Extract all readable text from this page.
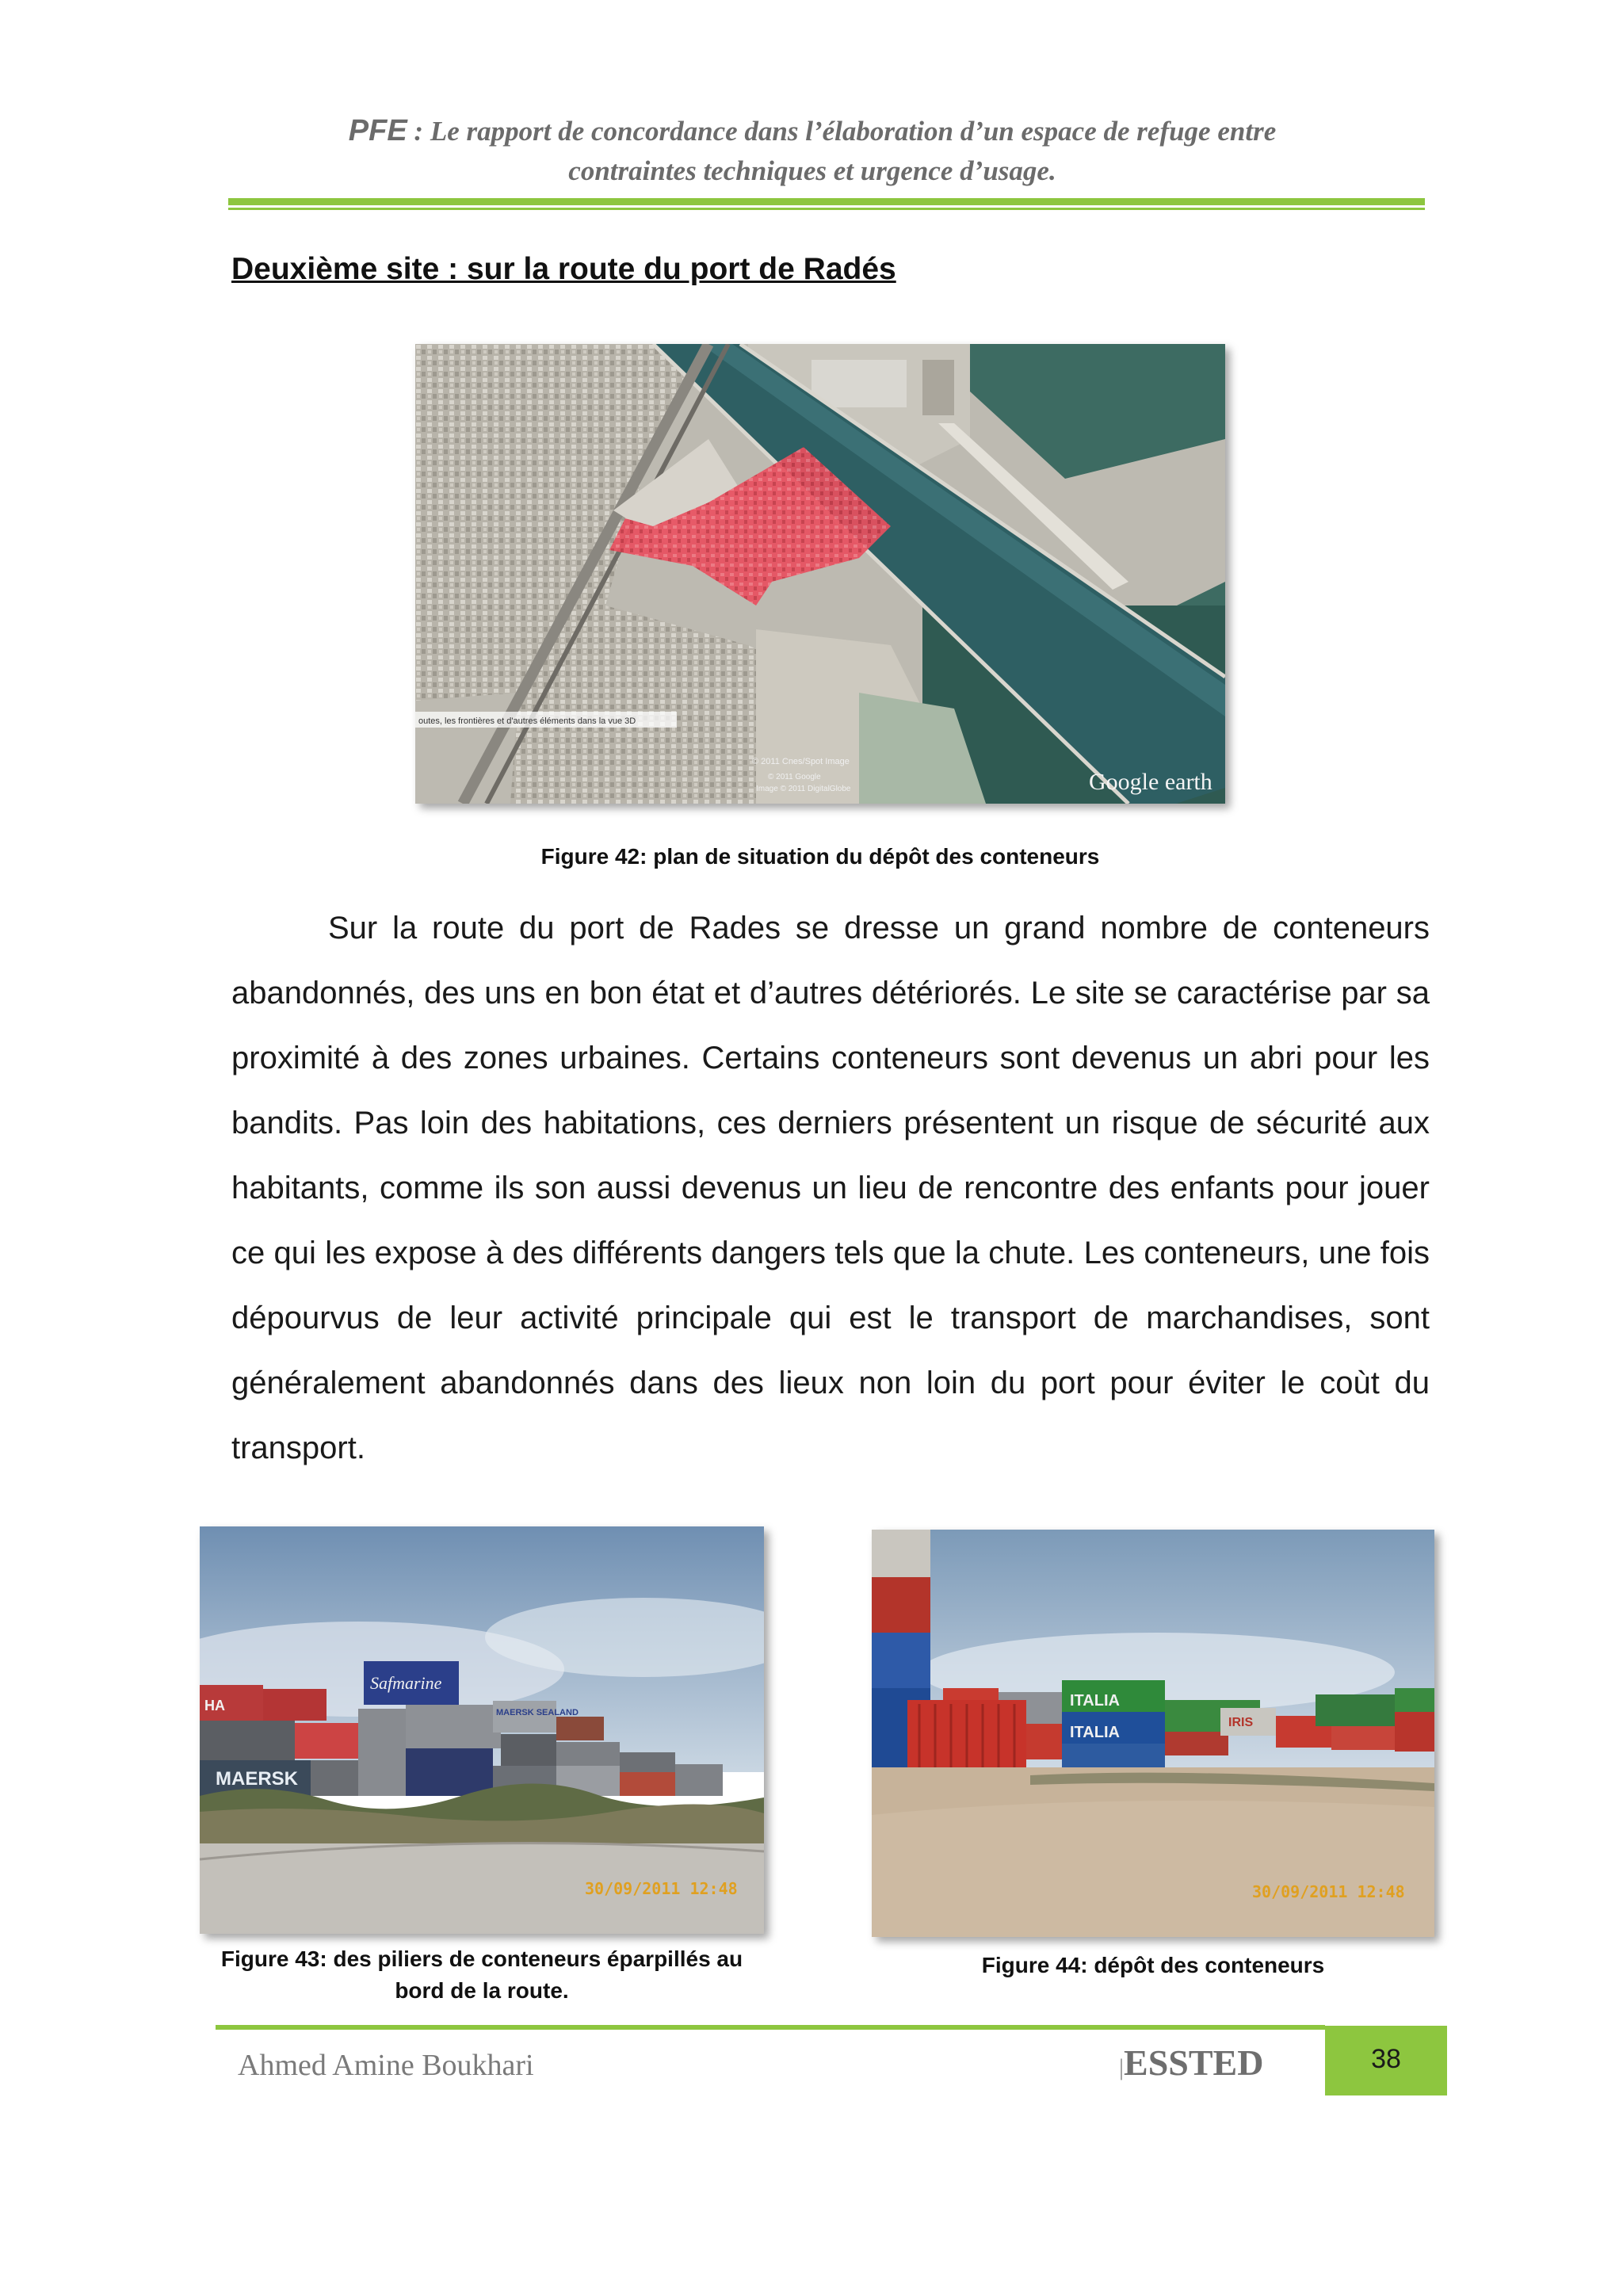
PFE : Le rapport de concordance dans l’élaboration d’un espace de refuge entre
contraintes techniques et urgence d’usage.
Deuxième site : sur la route du port de Radés
outes, les frontières et d'autres éléments dans la vue 3D
© 2011 Cnes/Spot Image
© 2011 Google
Image © 2011 DigitalGlobe	Google earth
Figure 42: plan de situation du dépôt des conteneurs

Sur la route du port de Rades se dresse un grand nombre de conteneurs abandonnés, des uns en bon état et d’autres détériorés. Le site se caractérise par sa proximité à des zones urbaines. Certains conteneurs sont devenus un abri pour les bandits. Pas loin des habitations, ces derniers présentent un risque de sécurité aux habitants, comme ils son aussi devenus un lieu de rencontre des enfants pour jouer ce qui les expose à des différents dangers tels que la chute. Les conteneurs, une fois dépourvus de leur activité principale qui est le transport de marchandises, sont généralement abandonnés dans des lieux non loin du port pour éviter le coùt du transport.

MAERSK
Safmarine
HA	MAERSK SEALAND
30/09/2011 12:48
Figure 43: des piliers de conteneurs éparpillés au
bord de la route.
ITALIA
ITALIA
IRIS
30/09/2011 12:48
Figure 44: dépôt des conteneurs
Ahmed Amine Boukhari	|ESSTED	38
